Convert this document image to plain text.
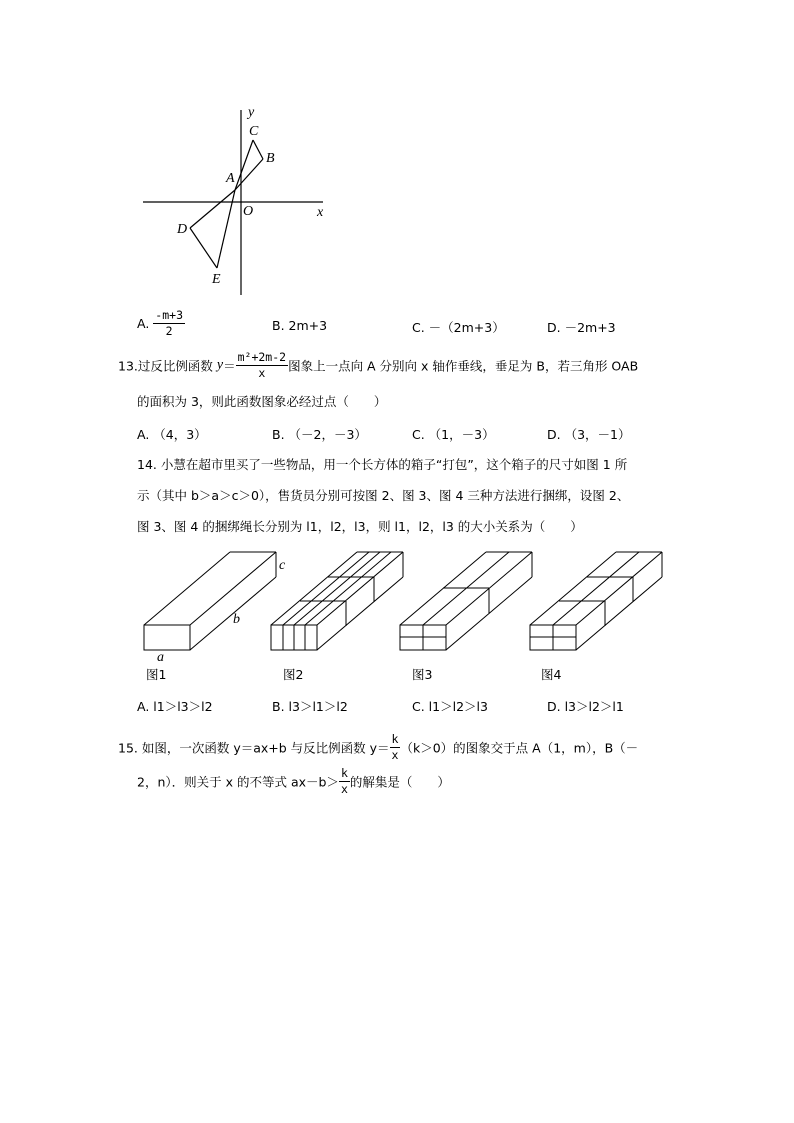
y
x
C
B
A
O
D
E
A. $\frac{-m+3}{2}$	B. 2m+3	C. －（2m+3）	D. －2m+3
13.过反比例函数 $y= \frac{\text{m²+2m-2}}{x}$ 图象上一点向 A 分别向 x 轴作垂线，垂足为 B，若三角形 OAB
的面积为 3，则此函数图象必经过点（　　）
A. （4，3）	B. （－2，－3）	C. （1，－3）	D. （3，－1）
14. 小慧在超市里买了一些物品，用一个长方体的箱子“打包”，这个箱子的尺寸如图 1 所
示（其中 b＞a＞c＞0），售货员分别可按图 2、图 3、图 4 三种方法进行捆绑，设图 2、
图 3、图 4 的捆绑绳长分别为 l1，l2，l3，则 l1，l2，l3 的大小关系为（　　）
a
b
c
图1	图2	图3	图4
A. l1＞l3＞l2	B. l3＞l1＞l2	C. l1＞l2＞l3	D. l3＞l2＞l1
15. 如图，一次函数 y＝ax+b 与反比例函数 $y= \frac{k}{x} (k>0)$的图象交于点 A（1，m），B（－
2，n）．则关于 x 的不等式 $ax-b> \frac{k}{x}$ 的解集是（　　）
